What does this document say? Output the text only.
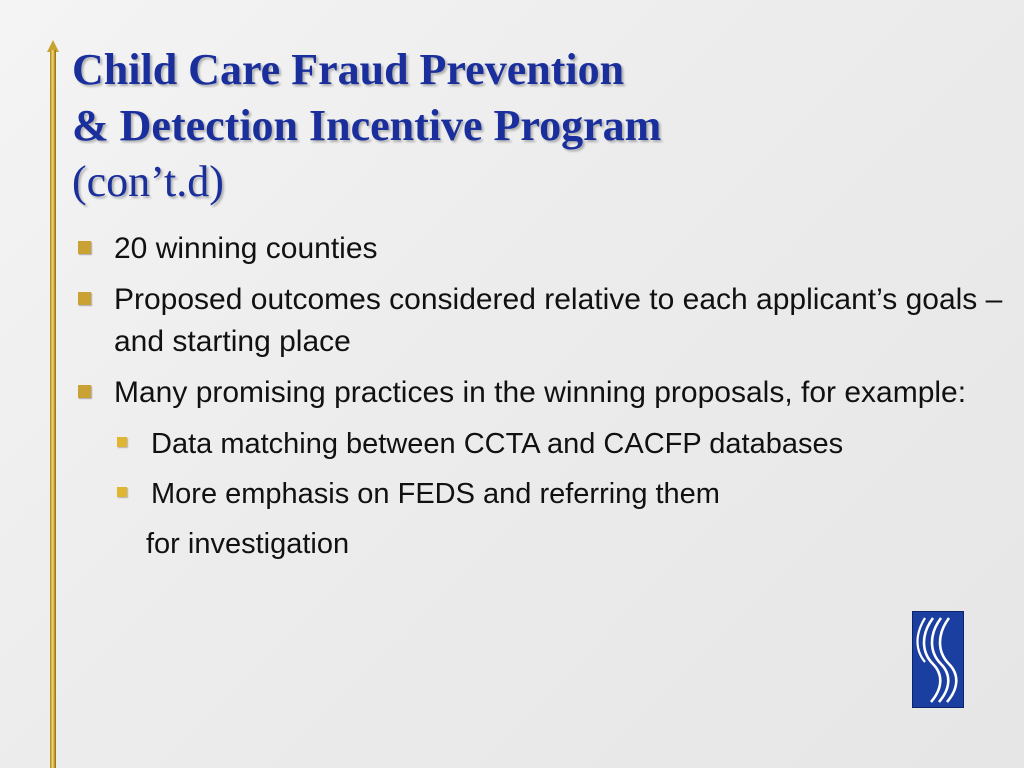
Child Care Fraud Prevention
& Detection Incentive Program
(con’t.d)
20 winning counties
Proposed outcomes considered relative to each applicant’s goals – and starting place
Many promising practices in the winning proposals, for example:
Data matching between CCTA and CACFP databases
More emphasis on FEDS and referring them
for investigation
